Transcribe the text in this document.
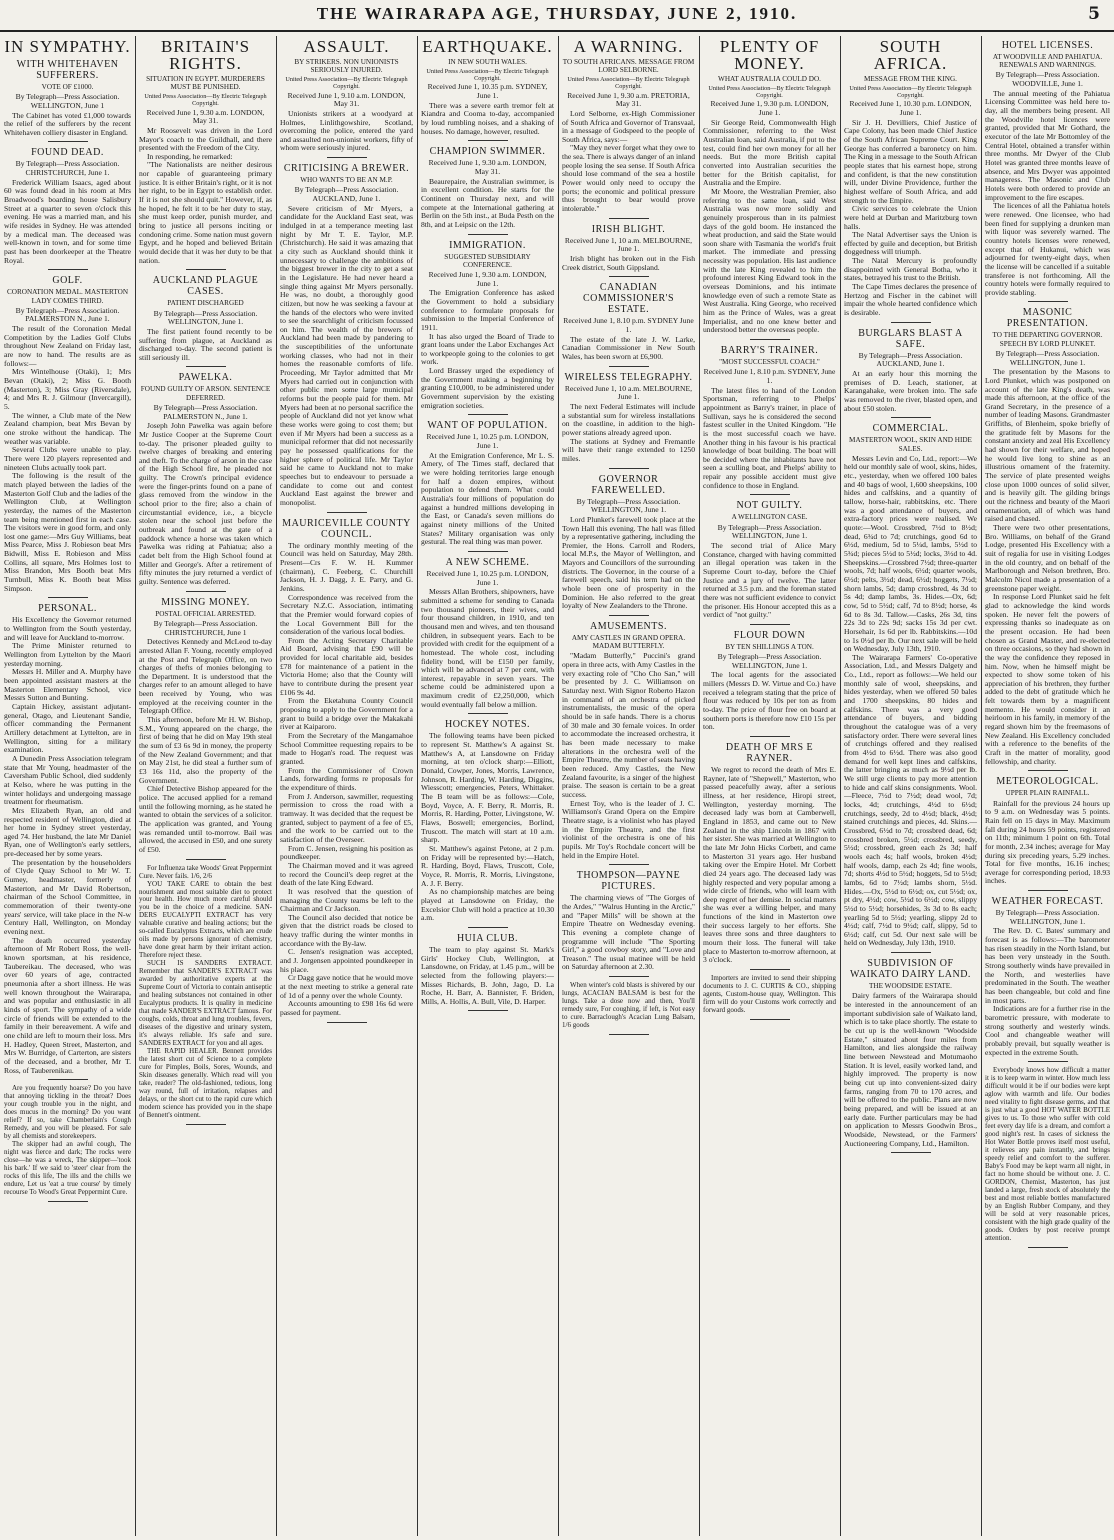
THE WAIRARAPA AGE, THURSDAY, JUNE 2, 1910.	5
IN SYMPATHY.
WITH WHITEHAVEN SUFFERERS.
VOTE OF £1000.
By Telegraph—Press Association. WELLINGTON, June 1
The Cabinet has voted £1,000 towards the relief of the sufferers by the recent Whitehaven colliery disaster in England.
FOUND DEAD.
By Telegraph—Press Association. CHRISTCHURCH, June 1.
Frederick William Isaacs, aged about 60 was found dead in his room at Mrs Broadwood's boarding house Salisbury Street at a quarter to seven o'clock this evening. He was a married man, and his wife resides in Sydney. He was attended by a medical man. The deceased was well-known in town, and for some time past has been doorkeeper at the Theatre Royal.
GOLF.
CORONATION MEDAL. MASTERTON LADY COMES THIRD.
By Telegraph—Press Association. PALMERSTON N., June 1.
The result of the Coronation Medal Competition by the Ladies Golf Clubs throughout New Zealand on Friday last, are now to hand. The results are as follows:—
Mrs Wintelhouse (Otaki), 1; Mrs Bevan (Otaki), 2; Miss G. Booth (Masterton), 3; Miss Gray (Riversdale), 4; and Mrs R. J. Gilmour (Invercargill), 5.
The winner, a Club mate of the New Zealand champion, beat Mrs Bevan by one stroke without the handicap. The weather was variable.
Several Clubs were unable to play. There were 120 players represented and nineteen Clubs actually took part.
The following is the result of the match played between the ladies of the Masterton Golf Club and the ladies of the Wellington Club, at Wellington yesterday, the names of the Masterton team being mentioned first in each case. The visitors were in good form, and only lost one game:—Mrs Guy Williams, beat Miss Pearce, Miss J. Robieson beat Mrs Bidwill, Miss E. Robieson and Miss Collins, all square, Mrs Holmes lost to Miss Brandon, Mrs Booth beat Mrs Turnbull, Miss K. Booth beat Miss Simpson.
PERSONAL.
His Excellency the Governor returned to Wellington from the South yesterday, and will leave for Auckland to-morrow.
The Prime Minister returned to Wellington from Lyttelton by the Maori yesterday morning.
Messrs H. Miller and A. Murphy have been appointed assistant masters at the Masterton Elementary School, vice Messrs Sutton and Bunting.
Captain Hickey, assistant adjutant-general, Otago, and Lieutenant Sandie, officer commanding the Permanent Artillery detachment at Lyttelton, are in Wellington, sitting for a military examination.
A Dunedin Press Association telegram state that Mr Young, headmaster of the Caversham Public School, died suddenly at Kelso, where he was putting in the winter holidays and undergoing massage treatment for rheumatism.
Mrs Elizabeth Ryan, an old and respected resident of Wellington, died at her home in Sydney street yesterday, aged 74. Her husband, the late Mr Daniel Ryan, one of Wellington's early settlers, pre-deceased her by some years.
The presentation by the householders of Clyde Quay School to Mr W. T. Gumey, headmaster, formerly of Masterton, and Mr David Robertson, chairman of the School Committee, in commemoration of their twenty-one years' service, will take place in the N-w Century Hall, Wellington, on Monday evening next.
The death occurred yesterday afternoon of Mr Robert Ross, the well-known sportsman, at his residence, Taubereikau. The deceased, who was over 60 years of age, contracted pneumonia after a short illness. He was well known throughout the Wairarapa, and was popular and enthusiastic in all kinds of sport. The sympathy of a wide circle of friends will be extended to the family in their bereavement. A wife and one child are left to mourn their loss. Mrs H. Hadley, Queen Street, Masterton, and Mrs W. Burridge, of Carterton, are sisters of the deceased, and a brother, Mr T. Ross, of Tauberenikau.
Are you frequently hoarse? Do you have that annoying tickling in the throat? Does your cough trouble you in the night, and does mucus in the morning? Do you want relief? If so, take Chamberlain's Cough Remedy, and you will be pleased. For sale by all chemists and storekeepers.
The skipper had an awful cough, The night was fierce and dark; The rocks were close—he was a wreck, The skipper—'took his bark.' If we said to 'steer' clear from the rocks of this life, The ills and the chills we endure, Let us 'eat a true course' by timely recourse To Wood's Great Peppermint Cure.
BRITAIN'S RIGHTS.
SITUATION IN EGYPT. MURDERERS MUST BE PUNISHED.
United Press Association—By Electric Telegraph Copyright.
Received June 1, 9.30 a.m. LONDON, May 31.
Mr Roosevelt was driven in the Lord Mayor's coach to the Guildhall, and there presented with the Freedom of the City.
In responding, he remarked:
"The Nationalists are neither desirous nor capable of guaranteeing primary justice. It is either Britain's right, or it is not her right, to be in Egypt to establish order. If it is not she should quit." However, if, as he hoped, he felt it to be her duty to stay, she must keep order, punish murder, and bring to justice all persons inciting or condoning crime. Some nation must govern Egypt, and he hoped and believed Britain would decide that it was her duty to be that nation.
AUCKLAND PLAGUE CASES.
PATIENT DISCHARGED
By Telegraph—Press Association. WELLINGTON, June 1.
The first patient found recently to be suffering from plague, at Auckland as discharged to-day. The second patient is still seriously ill.
PAWELKA.
FOUND GUILTY OF ARSON. SENTENCE DEFERRED.
By Telegraph—Press Association. PALMERSTON N., June 1.
Joseph John Pawelka was again before Mr Justice Cooper at the Supreme Court to-day. The prisoner pleaded guilty to twelve charges of breaking and entering and theft. To the charge of arson in the case of the High School fire, he pleaded not guilty. The Crown's principal evidence were the finger-prints found on a pane of glass removed from the window in the school prior to the fire; also a chain of circumstantial evidence, i.e., a bicycle stolen near the school just before the outbreak and found at the gate of a paddock whence a horse was taken which Pawelka was riding at Pahiatua; also a cadet belt from the High School found at Miller and George's. After a retirement of fifty minutes the jury returned a verdict of guilty. Sentence was deferred.
MISSING MONEY.
POSTAL OFFICIAL ARRESTED.
By Telegraph—Press Association. CHRISTCHURCH, June 1
Detectives Kennedy and McLeod to-day arrested Allan F. Young, recently employed at the Post and Telegraph Office, on two charges of thefts of monies belonging to the Department. It is understood that the charges refer to an amount alleged to have been received by Young, who was employed at the receiving counter in the Telegraph Office.
This afternoon, before Mr H. W. Bishop, S.M., Young appeared on the charge, the first of being that he did on May 19th steal the sum of £3 6s 9d in money, the property of the New Zealand Government; and that on May 21st, he did steal a further sum of £3 16s 11d, also the property of the Government.
Chief Detective Bishop appeared for the police. The accused applied for a remand until the following morning, as he stated he wanted to obtain the services of a solicitor. The application was granted, and Young was remanded until to-morrow. Bail was allowed, the accused in £50, and one surety of £50.
For Influenza take Woods' Great Peppermint Cure. Never fails. 1/6, 2/6
YOU TAKE CARE to obtain the best nourishment and most suitable diet to protect your health. How much more careful should you be in the choice of a medicine. SAN-DERS EUCALYPTI EXTRACT has very valuable curative and healing actions; but the so-called Eucalyptus Extracts, which are crude oils made by persons ignorant of chemistry, have done great harm by their irritant action. Therefore reject these.
SUCH IS SANDERS EXTRACT. Remember that SANDER'S EXTRACT was awarded by authoritative experts at the Supreme Court of Victoria to contain antiseptic and healing substances not contained in other Eucalyptus products. It is quality in medicine that made SANDER'S EXTRACT famous. For coughs, colds, throat and lung troubles, fevers, diseases of the digestive and urinary system, it's always reliable. It's safe and sure. SANDERS EXTRACT for you and all ages.
THE RAPID HEALER. Bennett provides the latest short cut of Science to a complete cure for Pimples, Boils, Sores, Wounds, and Skin diseases generally. Which read will you take, reader? The old-fashioned, tedious, long way round, full of irritation, relapses and delays, or the short cut to the rapid cure which modern science has provided you in the shape of Bennett's ointment.
ASSAULT.
BY STRIKERS. NON UNIONISTS SERIOUSLY INJURED.
United Press Association—By Electric Telegraph Copyright.
Received June 1, 9.10 a.m. LONDON, May 31.
Unionists strikers at a woodyard at Holmes, Linlithgowshire, Scotland, overcoming the police, entered the yard and assaulted non-unionist workers, fifty of whom were seriously injured.
CRITICISING A BREWER.
WHO WANTS TO BE AN M.P.
By Telegraph—Press Association. AUCKLAND, June 1.
Severe criticism of Mr Myers, a candidate for the Auckland East seat, was indulged in at a temperance meeting last night by Mr T. E. Taylor, M.P. (Christchurch). He said it was amazing that a city such as Auckland should think it unnecessary to challenge the ambitions of the biggest brewer in the city to get a seat in the Legislature. He had never heard a single thing against Mr Myers personally. He was, no doubt, a thoroughly good citizen, but now he was seeking a favour at the hands of the electors who were invited to see the searchlight of criticism focussed on him. The wealth of the brewers of Auckland had been made by pandering to the susceptibilities of the unfortunate working classes, who had not in their homes the reasonable comforts of life. Proceeding, Mr Taylor admitted that Mr Myers had carried out in conjunction with other public men some large municipal reforms but the people paid for them. Mr Myers had been at no personal sacrifice the people of Auckland did not yet know what these works were going to cost them; but even if Mr Myers had been a success as a municipal reformer that did not necessarily pay he possessed qualifications for the higher sphere of political life. Mr Taylor said he came to Auckland not to make speeches but to endeavour to persuade a candidate to come out and contest Auckland East against the brewer and monopolist.
MAURICEVILLE COUNTY COUNCIL.
The ordinary monthly meeting of the Council was held on Saturday, May 28th. Present—Crs F. W. H. Kummer (chairman), C. Feeberg, C. Churchill Jackson, H. J. Dagg, J. E. Parry, and G. Jenkins.
Correspondence was received from the Secretary N.Z.C. Association, intimating that the Premier would forward copies of the Local Government Bill for the consideration of the various local bodies.
From the Acting Secretary Charitable Aid Board, advising that £90 will be provided for local charitable aid, besides £78 for maintenance of a patient in the Victoria Home; also that the County will have to contribute during the present year £106 9s 4d.
From the Eketahuna County Council proposing to apply to the Government for a grant to build a bridge over the Makakahi river at Kaiparoro.
From the Secretary of the Mangamahoe School Committee requesting repairs to be made to Hogan's road. The request was granted.
From the Commissioner of Crown Lands, forwarding forms re proposals for the expenditure of thirds.
From J. Anderson, sawmiller, requesting permission to cross the road with a tramway. It was decided that the request be granted, subject to payment of a fee of £5, and the work to be carried out to the satisfaction of the Overseer.
From C. Jensen, resigning his position as poundkeeper.
The Chairman moved and it was agreed to record the Council's deep regret at the death of the late King Edward.
It was resolved that the question of managing the County teams be left to the Chairman and Cr Jackson.
The Council also decided that notice be given that the district roads be closed to heavy traffic during the winter months in accordance with the By-law.
C. Jensen's resignation was accepted, and J. Jorgensen appointed poundkeeper in his place.
Cr Dagg gave notice that he would move at the next meeting to strike a general rate of 1d of a penny over the whole County.
Accounts amounting to £98 16s 6d were passed for payment.
EARTHQUAKE.
IN NEW SOUTH WALES.
United Press Association—By Electric Telegraph Copyright.
Received June 1, 10.35 p.m. SYDNEY, June 1.
There was a severe earth tremor felt at Kiandra and Cooma to-day, accompanied by loud rumbling noises, and a shaking of houses. No damage, however, resulted.
CHAMPION SWIMMER.
Received June 1, 9.30 a.m. LONDON, May 31.
Beaurepaire, the Australian swimmer, is in excellent condition. He starts for the Continent on Thursday next, and will compete at the International gathering at Berlin on the 5th inst., at Buda Pesth on the 8th, and at Leipsic on the 12th.
IMMIGRATION.
SUGGESTED SUBSIDIARY CONFERENCE.
Received June 1, 9.30 a.m. LONDON, June 1.
The Emigration Conference has asked the Government to hold a subsidiary conference to formulate proposals for submission to the Imperial Conference of 1911.
It has also urged the Board of Trade to grant loans under the Labor Exchanges Act to workpeople going to the colonies to get work.
Lord Brassey urged the expediency of the Government making a beginning by granting £10,000, to be administered under Government supervision by the existing emigration societies.
WANT OF POPULATION.
Received June 1, 10.25 p.m. LONDON, June 1.
At the Emigration Conference, Mr L. S. Amery, of The Times staff, declared that we were holding territories large enough for half a dozen empires, without population to defend them. What could Australia's four millions of population do against a hundred millions developing in the East, or Canada's seven millions do against ninety millions of the United States? Military organisation was only gestural. The real thing was man power.
A NEW SCHEME.
Received June 1, 10.25 p.m. LONDON, June 1.
Messrs Allan Brothers, shipowners, have submitted a scheme for sending to Canada two thousand pioneers, their wives, and four thousand children, in 1910, and ten thousand men and wives, and ten thousand children, in subsequent years. Each to be provided with credit for the equipment of a homestead. The whole cost, including fidelity bond, will be £150 per family, which will be advanced at 7 per cent, with interest, repayable in seven years. The scheme could be administered upon a maximum credit of £2,250,000, which would eventually fall below a million.
HOCKEY NOTES.
The following teams have been picked to represent St. Matthew's A against St. Matthew's A, at Lansdowne on Friday morning, at ten o'clock sharp:—Elliott, Donald, Cowper, Jones, Morris, Lawrence, Johnson, R. Harding, W. Harding, Diggins, Wiesscott; emergencies, Peters, Whittaker. The B team will be as follows:—Cole, Boyd, Voyce, A. F. Berry, R. Morris, R. Morris, R. Harding, Potter, Livingstone, W. Flaws, Boswell; emergencies, Borlind, Truscott. The match will start at 10 a.m. sharp.
St. Matthew's against Petone, at 2 p.m. on Friday will be represented by:—Hatch, R. Harding, Boyd, Flaws, Truscott, Cole, Voyce, R. Morris, R. Morris, Livingstone, A. J. F. Berry.
As no championship matches are being played at Lansdowne on Friday, the Excelsior Club will hold a practice at 10.30 a.m.
HUIA CLUB.
The team to play against St. Mark's Girls' Hockey Club, Wellington, at Lansdowne, on Friday, at 1.45 p.m., will be selected from the following players:—Misses Richards, B. John, Jago, D. La Roche, H. Barr, A. Bannister, F. Briden, Mills, A. Hollis, A. Bull, Vile, D. Harper.
A WARNING.
TO SOUTH AFRICANS. MESSAGE FROM LORD SELBORNE.
United Press Association—By Electric Telegraph Copyright.
Received June 1, 9.30 a.m. PRETORIA, May 31.
Lord Selborne, ex-High Commissioner of South Africa and Governor of Transvaal, in a message of Godspeed to the people of South Africa, says:—
"May they never forget what they owe to the sea. There is always danger of an inland people losing the sea sense. If South Africa should lose command of the sea a hostile Power would only need to occupy the ports; the economic and political pressure thus brought to bear would prove intolerable."
IRISH BLIGHT.
Received June 1, 10 a.m. MELBOURNE, June 1.
Irish blight has broken out in the Fish Creek district, South Gippsland.
CANADIAN COMMISSIONER'S ESTATE.
Received June 1, 8.10 p.m. SYDNEY June 1.
The estate of the late J. W. Larke, Canadian Commissioner in New South Wales, has been sworn at £6,900.
WIRELESS TELEGRAPHY.
Received June 1, 10 a.m. MELBOURNE, June 1.
The next Federal Estimates will include a substantial sum for wireless installations on the coastline, in addition to the high-power stations already agreed upon.
The stations at Sydney and Fremantle will have their range extended to 1250 miles.
GOVERNOR FAREWELLED.
By Telegraph—Press Association. WELLINGTON, June 1.
Lord Plunket's farewell took place at the Town Hall this evening. The hall was filled by a representative gathering, including the Premier, the Hons. Carroll and Roders, local M.P.s, the Mayor of Wellington, and Mayors and Councillors of the surrounding districts. The Governor, in the course of a farewell speech, said his term had on the whole been one of prosperity in the Dominion. He also referred to the great loyalty of New Zealanders to the Throne.
AMUSEMENTS.
AMY CASTLES IN GRAND OPERA. MADAM BUTTERFLY.
"Madam Butterfly," Puccini's grand opera in three acts, with Amy Castles in the very exacting role of "Cho Cho San," will be presented by J. C. Williamson on Saturday next. With Signor Roberto Hazon in command of an orchestra of picked instrumentalists, the music of the opera should be in safe hands. There is a chorus of 30 male and 30 female voices. In order to accommodate the increased orchestra, it has been made necessary to make alterations in the orchestra well of the Empire Theatre, the number of seats having been reduced. Amy Castles, the New Zealand favourite, is a singer of the highest praise. The season is certain to be a great success.
Ernest Toy, who is the leader of J. C. Williamson's Grand Opera on the Empire Theatre stage, is a violinist who has played in the Empire Theatre, and the first violinist of the orchestra is one of his pupils. Mr Toy's Rochdale concert will be held in the Empire Hotel.
THOMPSON—PAYNE PICTURES.
The charming views of "The Gorges of the Ardes," "Walrus Hunting in the Arctic," and "Paper Mills" will be shown at the Empire Theatre on Wednesday evening. This evening a complete change of programme will include "The Sporting Girl," a good cowboy story, and "Love and Treason." The usual matinee will be held on Saturday afternoon at 2.30.
When winter's cold blasts is shivered by our lungs, ACACIAN BALSAM is best for the lungs. Take a dose now and then, You'll remedy sure, For coughing, if left, is Not easy to cure. Barraclough's Acacian Lung Balsam, 1/6 goods
PLENTY OF MONEY.
WHAT AUSTRALIA COULD DO.
United Press Association—By Electric Telegraph Copyright.
Received June 1, 9.30 p.m. LONDON, June 1.
Sir George Reid, Commonwealth High Commissioner, referring to the West Australian loan, said Australia, if put to the test, could find her own money for all her needs. But the more British capital converted into Australian securities the better for the British capitalist, for Australia and the Empire.
Mr Moore, the Westralian Premier, also referring to the same loan, said West Australia was now more solidly and genuinely prosperous than in its palmiest days of the gold boom. He instanced the wheat production, and said the State would soon share with Tasmania the world's fruit market. The immediate and pressing necessity was population. His last audience with the late King revealed to him the profound interest King Edward took in the overseas Dominions, and his intimate knowledge even of such a remote State as West Australia. King George, who received him as the Prince of Wales, was a great Imperialist, and no one knew better and understood better the overseas people.
BARRY'S TRAINER.
"MOST SUCCESSFUL COACH."
Received June 1, 8.10 p.m. SYDNEY, June 1.
The latest files to hand of the London Sportsman, referring to Phelps' appointment as Barry's trainer, in place of Sullivan, says he is considered the second fastest sculler in the United Kingdom. "He is the most successful coach we have. Another thing in his favour is his practical knowledge of boat building. The boat will be decided where the inhabitants have not seen a sculling boat, and Phelps' ability to repair any possible accident must give confidence to those in England.
NOT GUILTY.
A WELLINGTON CASE.
By Telegraph—Press Association. WELLINGTON, June 1.
The second trial of Alice Mary Constance, charged with having committed an illegal operation was taken in the Supreme Court to-day, before the Chief Justice and a jury of twelve. The latter returned at 3.5 p.m. and the foreman stated there was not sufficient evidence to convict the prisoner. His Honour accepted this as a verdict of "not guilty."
FLOUR DOWN
BY TEN SHILLINGS A TON.
By Telegraph—Press Association. WELLINGTON, June 1.
The local agents for the associated millers (Messrs D. W. Virtue and Co.) have received a telegram stating that the price of flour was reduced by 10s per ton as from to-day. The price of flour free on board at southern ports is therefore now £10 15s per ton.
DEATH OF MRS E RAYNER.
We regret to record the death of Mrs E. Rayner, late of "Shepwell," Masterton, who passed peacefully away, after a serious illness, at her residence, Hiropi street, Wellington, yesterday morning. The deceased lady was born at Camberwell, England in 1853, and came out to New Zealand in the ship Lincoln in 1867 with her sister. She was married at Wellington to the late Mr John Hicks Corbett, and came to Masterton 31 years ago. Her husband taking over the Empire Hotel. Mr Corbett died 24 years ago. The deceased lady was highly respected and very popular among a wide circle of friends, who will learn with deep regret of her demise. In social matters she was ever a willing helper, and many functions of the kind in Masterton owe their success largely to her efforts. She leaves three sons and three daughters to mourn their loss. The funeral will take place to Masterton to-morrow afternoon, at 3 o'clock.
Importers are invited to send their shipping documents to J. C. CURTIS & CO., shipping agents, Custom-house quay, Wellington. This firm will do your Customs work correctly and forward goods.
SOUTH AFRICA.
MESSAGE FROM THE KING.
United Press Association—By Electric Telegraph Copyright.
Received June 1, 10.30 p.m. LONDON, June 1.
Sir J. H. Devilliers, Chief Justice of Cape Colony, has been made Chief Justice of the South African Supreme Court. King George has conferred a baronetcy on him. The King in a message to the South African people states that his earnest hope, strong and confident, is that the new constitution will, under Divine Providence, further the highest welfare of South Africa, and add strength to the Empire.
Civic services to celebrate the Union were held at Durban and Maritzburg town halls.
The Natal Advertiser says the Union is effected by guile and deception, but British doggedness will triumph.
The Natal Mercury is profoundly disappointed with General Botha, who it states, betrayed his trust to the British.
The Cape Times declares the presence of Hertzog and Fischer in the cabinet will impair the whole hearted confidence which is desirable.
BURGLARS BLAST A SAFE.
By Telegraph—Press Association. AUCKLAND, June 1.
At an early hour this morning the premises of D. Leach, stationer, at Karangahake, were broken into. The safe was removed to the river, blasted open, and about £50 stolen.
COMMERCIAL.
MASTERTON WOOL, SKIN AND HIDE SALES.
Messrs Levin and Co, Ltd., report:—We held our monthly sale of wool, skins, hides, etc., yesterday, when we offered 100 bales and 40 bags of wool, 1,600 sheepskins, 100 hides and calfskins, and a quantity of tallow, horse-hair, rabbitskins, etc. There was a good attendance of buyers, and extra-factory prices were realised. We quote:—Wool. Crossbred, 7½d to 8½d; dead, 6¾d to 7d; crutchings, good 6d to 6½d, medium, 5d to 5¼d, lambs, 5½d to 5¾d; pieces 5½d to 5½d; locks, 3½d to 4d. Sheepskins.—Crossbred 7½d; three-quarter wools, 7d; half wools, 6½d; quarter wools, 6½d; pelts, 3½d; dead, 6½d; hoggets, 7½d; shorn lambs, 5d; damp crossbred, 4s 3d to 5s 4d; damp lambs, 3s. Hides.—Ox, 6d; cow, 5d to 5½d; calf, 7d to 8½d; horse, 4s 6d to 8s 3d. Tallow.—Casks, 26s 3d, tins 22s 3d to 22s 9d; sacks 15s 3d per cwt. Horsehair, 1s 6d per lb. Rabbitskins.—10d to 1s 0½d per lb. Our next sale will be held on Wednesday, July 13th, 1910.
The Wairarapa Farmers' Co-operative Association, Ltd., and Messrs Dalgety and Co., Ltd., report as follows:—We held our monthly sale of wool, sheepskins, and hides yesterday, when we offered 50 bales and 1700 sheepskins, 80 hides and calfskins. There was a very good attendance of buyers, and bidding throughout the catalogue was of a very satisfactory order. There were several lines of crutchings offered and they realised from 4½d to 6½d. There was also good demand for well kept lines and calfskins, the latter bringing as much as 9½d per lb. We still urge clients to pay more attention to hide and calf skins consignments. Wool.—Fleece, 7½d to 7½d; dead wool, 7d; locks, 4d; crutchings, 4½d to 6½d; crutchings, seedy, 2d to 4½d; black, 4½d; stained crutchings and pieces, 4d. Skins.—Crossbred, 6½d to 7d; crossbred dead, 6d; crossbred broken, 5½d; crossbred, seedy, 5½d; crossbred, green each 2s 3d; half wools each 4s; half wools, broken 4½d; half wools, damp, each 2s 4d; fine wools, 7d; shorts 4½d to 5½d; hoggets, 5d to 5½d; lambs, 6d to 7½d; lambs shorn, 5½d. Hides.—Ox, 5½d to 6½d; ox, cut 5½d; ox, pt dry, 4½d; cow, 5½d to 6½d; cow, slippy 5½d to 5½d; horsehides, 3s 3d to 8s each; yearling 5d to 5½d; yearling, slippy 2d to 4½d; calf, 7½d to 9½d; calf, slippy, 5d to 6½d; calf, cut 5d. Our next sale will be held on Wednesday, July 13th, 1910.
SUBDIVISION OF WAIKATO DAIRY LAND.
THE WOODSIDE ESTATE.
Dairy farmers of the Wairarapa should be interested in the announcement of an important subdivision sale of Waikato land, which is to take place shortly. The estate to be cut up is the well-known "Woodside Estate," situated about four miles from Hamilton, and lies alongside the railway line between Newstead and Motumaoho Station. It is level, easily worked land, and highly improved. The property is now being cut up into convenient-sized dairy farms, ranging from 70 to 170 acres, and will be offered to the public. Plans are now being prepared, and will be issued at an early date. Further particulars may be had on application to Messrs Goodwin Bros., Woodside, Newstead, or the Farmers' Auctioneering Company, Ltd., Hamilton.
HOTEL LICENSES.
AT WOODVILLE AND PAHIATUA. RENEWALS AND WARNINGS.
By Telegraph—Press Association. WOODVILLE, June 1.
The annual meeting of the Pahiatua Licensing Committee was held here to-day, all the members being present. All the Woodville hotel licences were granted, provided that Mr Gothard, the executor of the late Mr Bottomley of the Central Hotel, obtained a transfer within three months. Mr Dwyer of the Club Hotel was granted three months leave of absence, and Mrs Dwyer was appointed manageress. The Masonic and Club Hotels were both ordered to provide an improvement to the fire escapes.
The licences of all the Pahiatua hotels were renewed. One licensee, who had been fined for supplying a drunken man with liquor was severely warned. The country hotels licenses were renewed, except that of Hukanui, which was adjourned for twenty-eight days, when the license will be cancelled if a suitable transferee is not forthcoming. All the country hotels were formally required to provide stabling.
MASONIC PRESENTATION.
TO THE DEPARTING GOVERNOR. SPEECH BY LORD PLUNKET.
By Telegraph—Press Association. WELLINGTON, June 1.
The presentation by the Masons to Lord Plunket, which was postponed on account of the late King's death, was made this afternoon, at the office of the Grand Secretary, in the presence of a number of leading Masons. Grandmaster Griffiths, of Blenheim, spoke briefly of the gratitude felt by Masons for the constant anxiety and zeal His Excellency had shown for their welfare, and hoped he would live long to shine as an illustrious ornament of the fraternity. The service of plate presented weighs close upon 1000 ounces of solid silver, and is heavily gilt. The gilding brings out the richness and beauty of the Maori ornamentation, all of which was hand raised and chased.
There were two other presentations, Bro. Williams, on behalf of the Grand Lodge, presented His Excellency with a suit of regalia for use in visiting Lodges in the old country, and on behalf of the Marlborough and Nelson brethren, Bro. Malcolm Nicol made a presentation of a greenstone paper weight.
In response Lord Plunket said he felt glad to acknowledge the kind words spoken. He never felt the powers of expressing thanks so inadequate as on the present occasion. He had been chosen as Grand Master, and re-elected on three occasions, so they had shown in the way the confidence they reposed in him. Now, when he himself might be expected to show some token of his appreciation of his brethren, they further added to the debt of gratitude which he felt towards them by a magnificent memento. He would consider it an heirloom in his family, in memory of the regard shown him by the freemasons of New Zealand. His Excellency concluded with a reference to the benefits of the Craft in the matter of morality, good fellowship, and charity.
METEOROLOGICAL.
UPPER PLAIN RAINFALL.
Rainfall for the previous 24 hours up to 9 a.m. on Wednesday was 5 points. Rain fell on 15 days in May. Maximum fall during 24 hours 59 points, registered on 11th; minimum 1 point on 6th. Total for month, 2.34 inches; average for May during six preceding years, 5.29 inches. Total for five months, 16.16 inches; average for corresponding period, 18.93 inches.
WEATHER FORECAST.
By Telegraph—Press Association. WELLINGTON, June 1.
The Rev. D. C. Bates' summary and forecast is as follows:—The barometer has risen steadily in the North Island, but has been very unsteady in the South. Strong southerly winds have prevailed in the North, and westerlies have predominated in the South. The weather has been changeable, but cold and fine in most parts.
Indications are for a further rise in the barometric pressure, with moderate to strong southerly and westerly winds. Cool and changeable weather will probably prevail, but squally weather is expected in the extreme South.
Everybody knows how difficult a matter it is to keep warm in winter. How much less difficult would it be if our bodies were kept aglow with warmth and life. Our bodies need vitality to fight disease germs, and that is just what a good HOT WATER BOTTLE gives to us. To those who suffer with cold feet every day life is a dream, and comfort a good night's rest. In cases of sickness the Hot Water Bottle proves itself most useful, it relieves any pain instantly, and brings speedy relief and comfort to the sufferer. Baby's Food may be kept warm all night, in fact no home should be without one. J. C. GORDON, Chemist, Masterton, has just landed a large, fresh stock of absolutely the best and most reliable bottles manufactured by an English Rubber Company, and they will be sold at very reasonable prices, consistent with the high grade quality of the goods. Orders by post receive prompt attention.
